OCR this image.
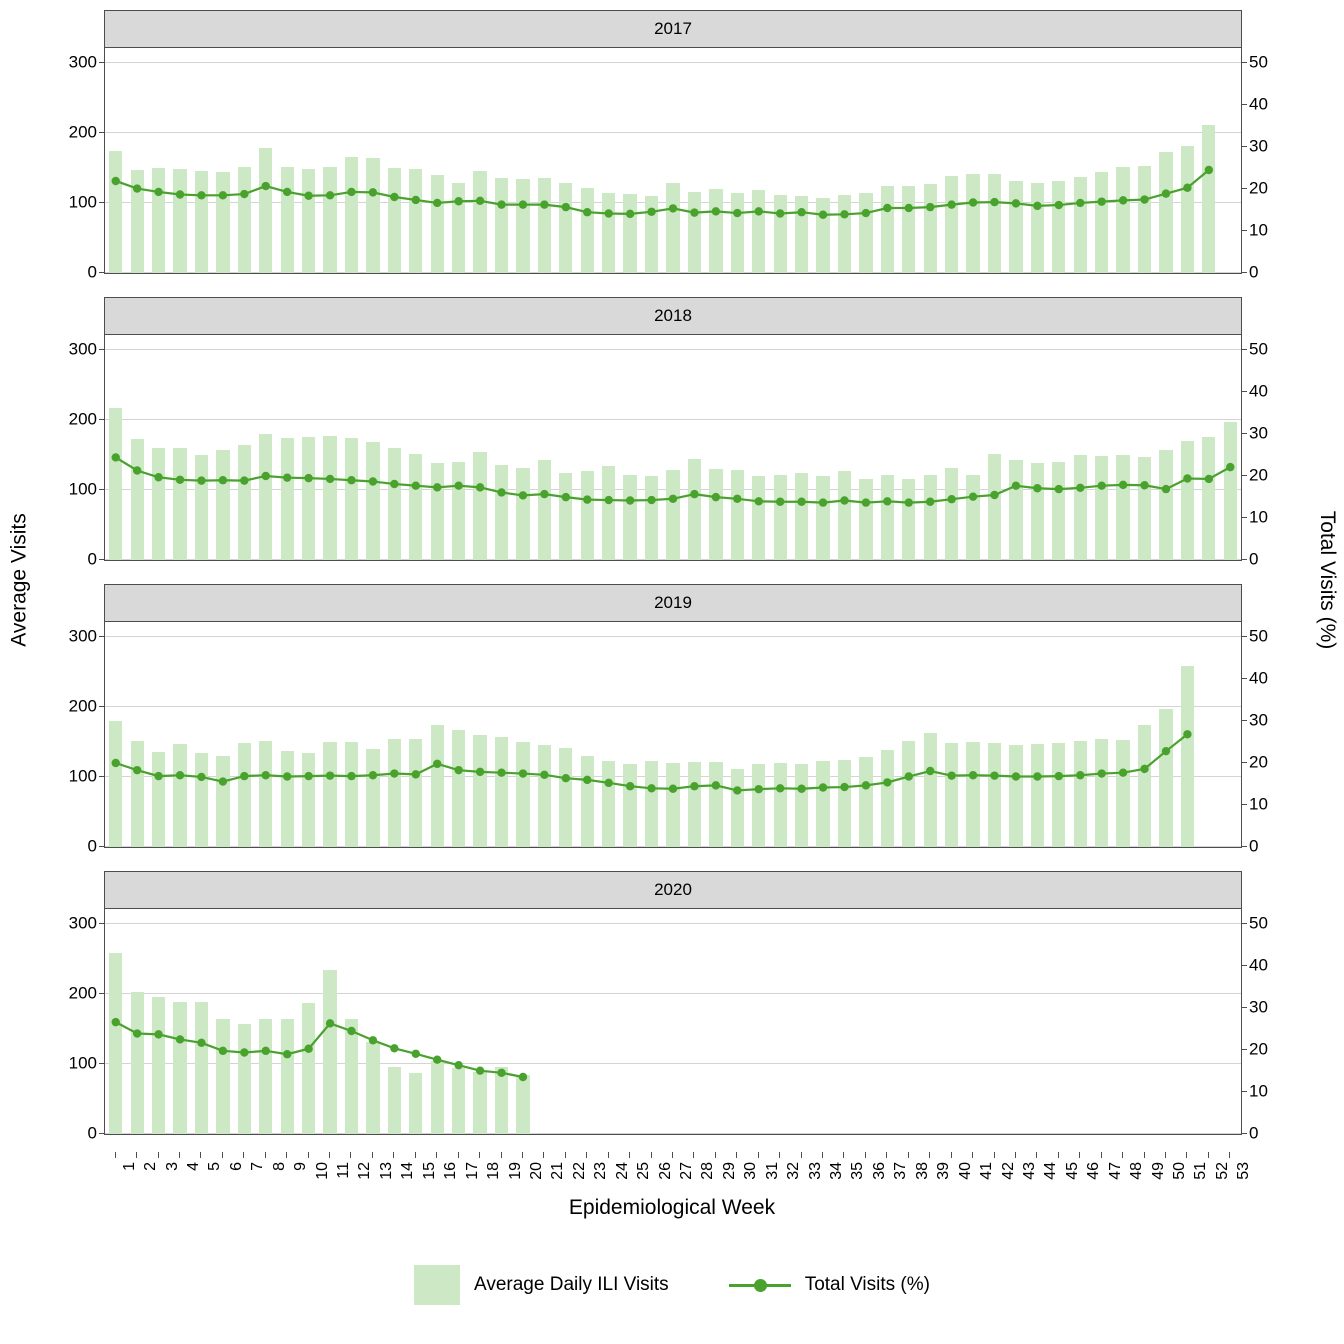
Average Visits	Total Visits (%)
Epidemiological Week
2017
0
100
200
300
0
10
20
30
40
50
2018
0
100
200
300
0
10
20
30
40
50
2019
0
100
200
300
0
10
20
30
40
50
2020
0
100
200
300
0
10
20
30
40
50
1 2 3 4 5 6 7 8 9 10 11 12 13 14 15 16 17 18 19 20 21 22 23 24 25 26 27 28 29 30 31 32 33 34 35 36 37 38 39 40 41 42 43 44 45 46 47 48 49 50 51 52 53
Average Daily ILI Visits	Total Visits (%)
